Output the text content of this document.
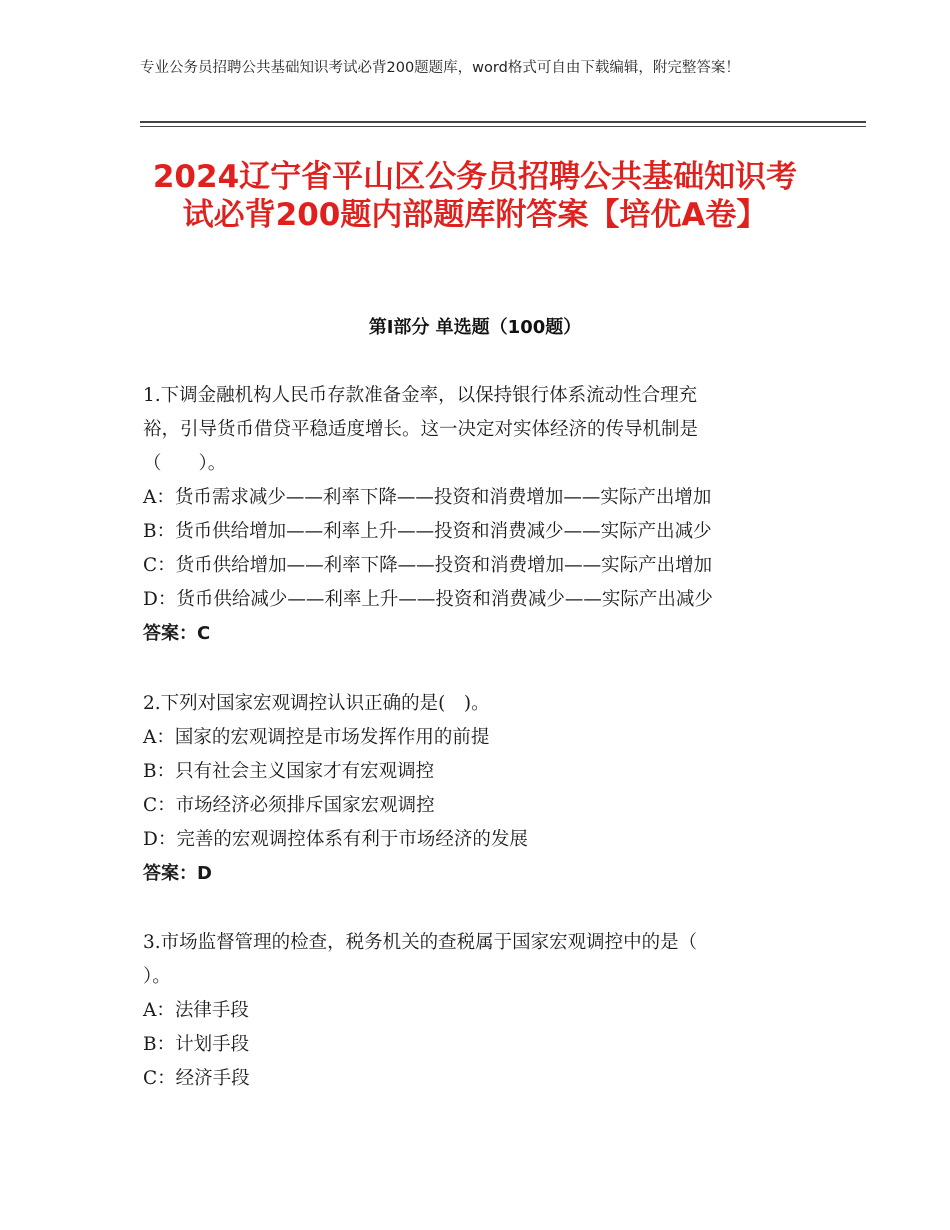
专业公务员招聘公共基础知识考试必背200题题库，word格式可自由下载编辑，附完整答案！
2024辽宁省平山区公务员招聘公共基础知识考试必背200题内部题库附答案【培优A卷】
第Ⅰ部分 单选题（100题）
1.下调金融机构人民币存款准备金率，以保持银行体系流动性合理充
裕，引导货币借贷平稳适度增长。这一决定对实体经济的传导机制是
（　　）。
A：货币需求减少——利率下降——投资和消费增加——实际产出增加
B：货币供给增加——利率上升——投资和消费减少——实际产出减少
C：货币供给增加——利率下降——投资和消费增加——实际产出增加
D：货币供给减少——利率上升——投资和消费减少——实际产出减少
答案：C
2.下列对国家宏观调控认识正确的是(　)。
A：国家的宏观调控是市场发挥作用的前提
B：只有社会主义国家才有宏观调控
C：市场经济必须排斥国家宏观调控
D：完善的宏观调控体系有利于市场经济的发展
答案：D
3.市场监督管理的检查，税务机关的查税属于国家宏观调控中的是（
）。
A：法律手段
B：计划手段
C：经济手段
